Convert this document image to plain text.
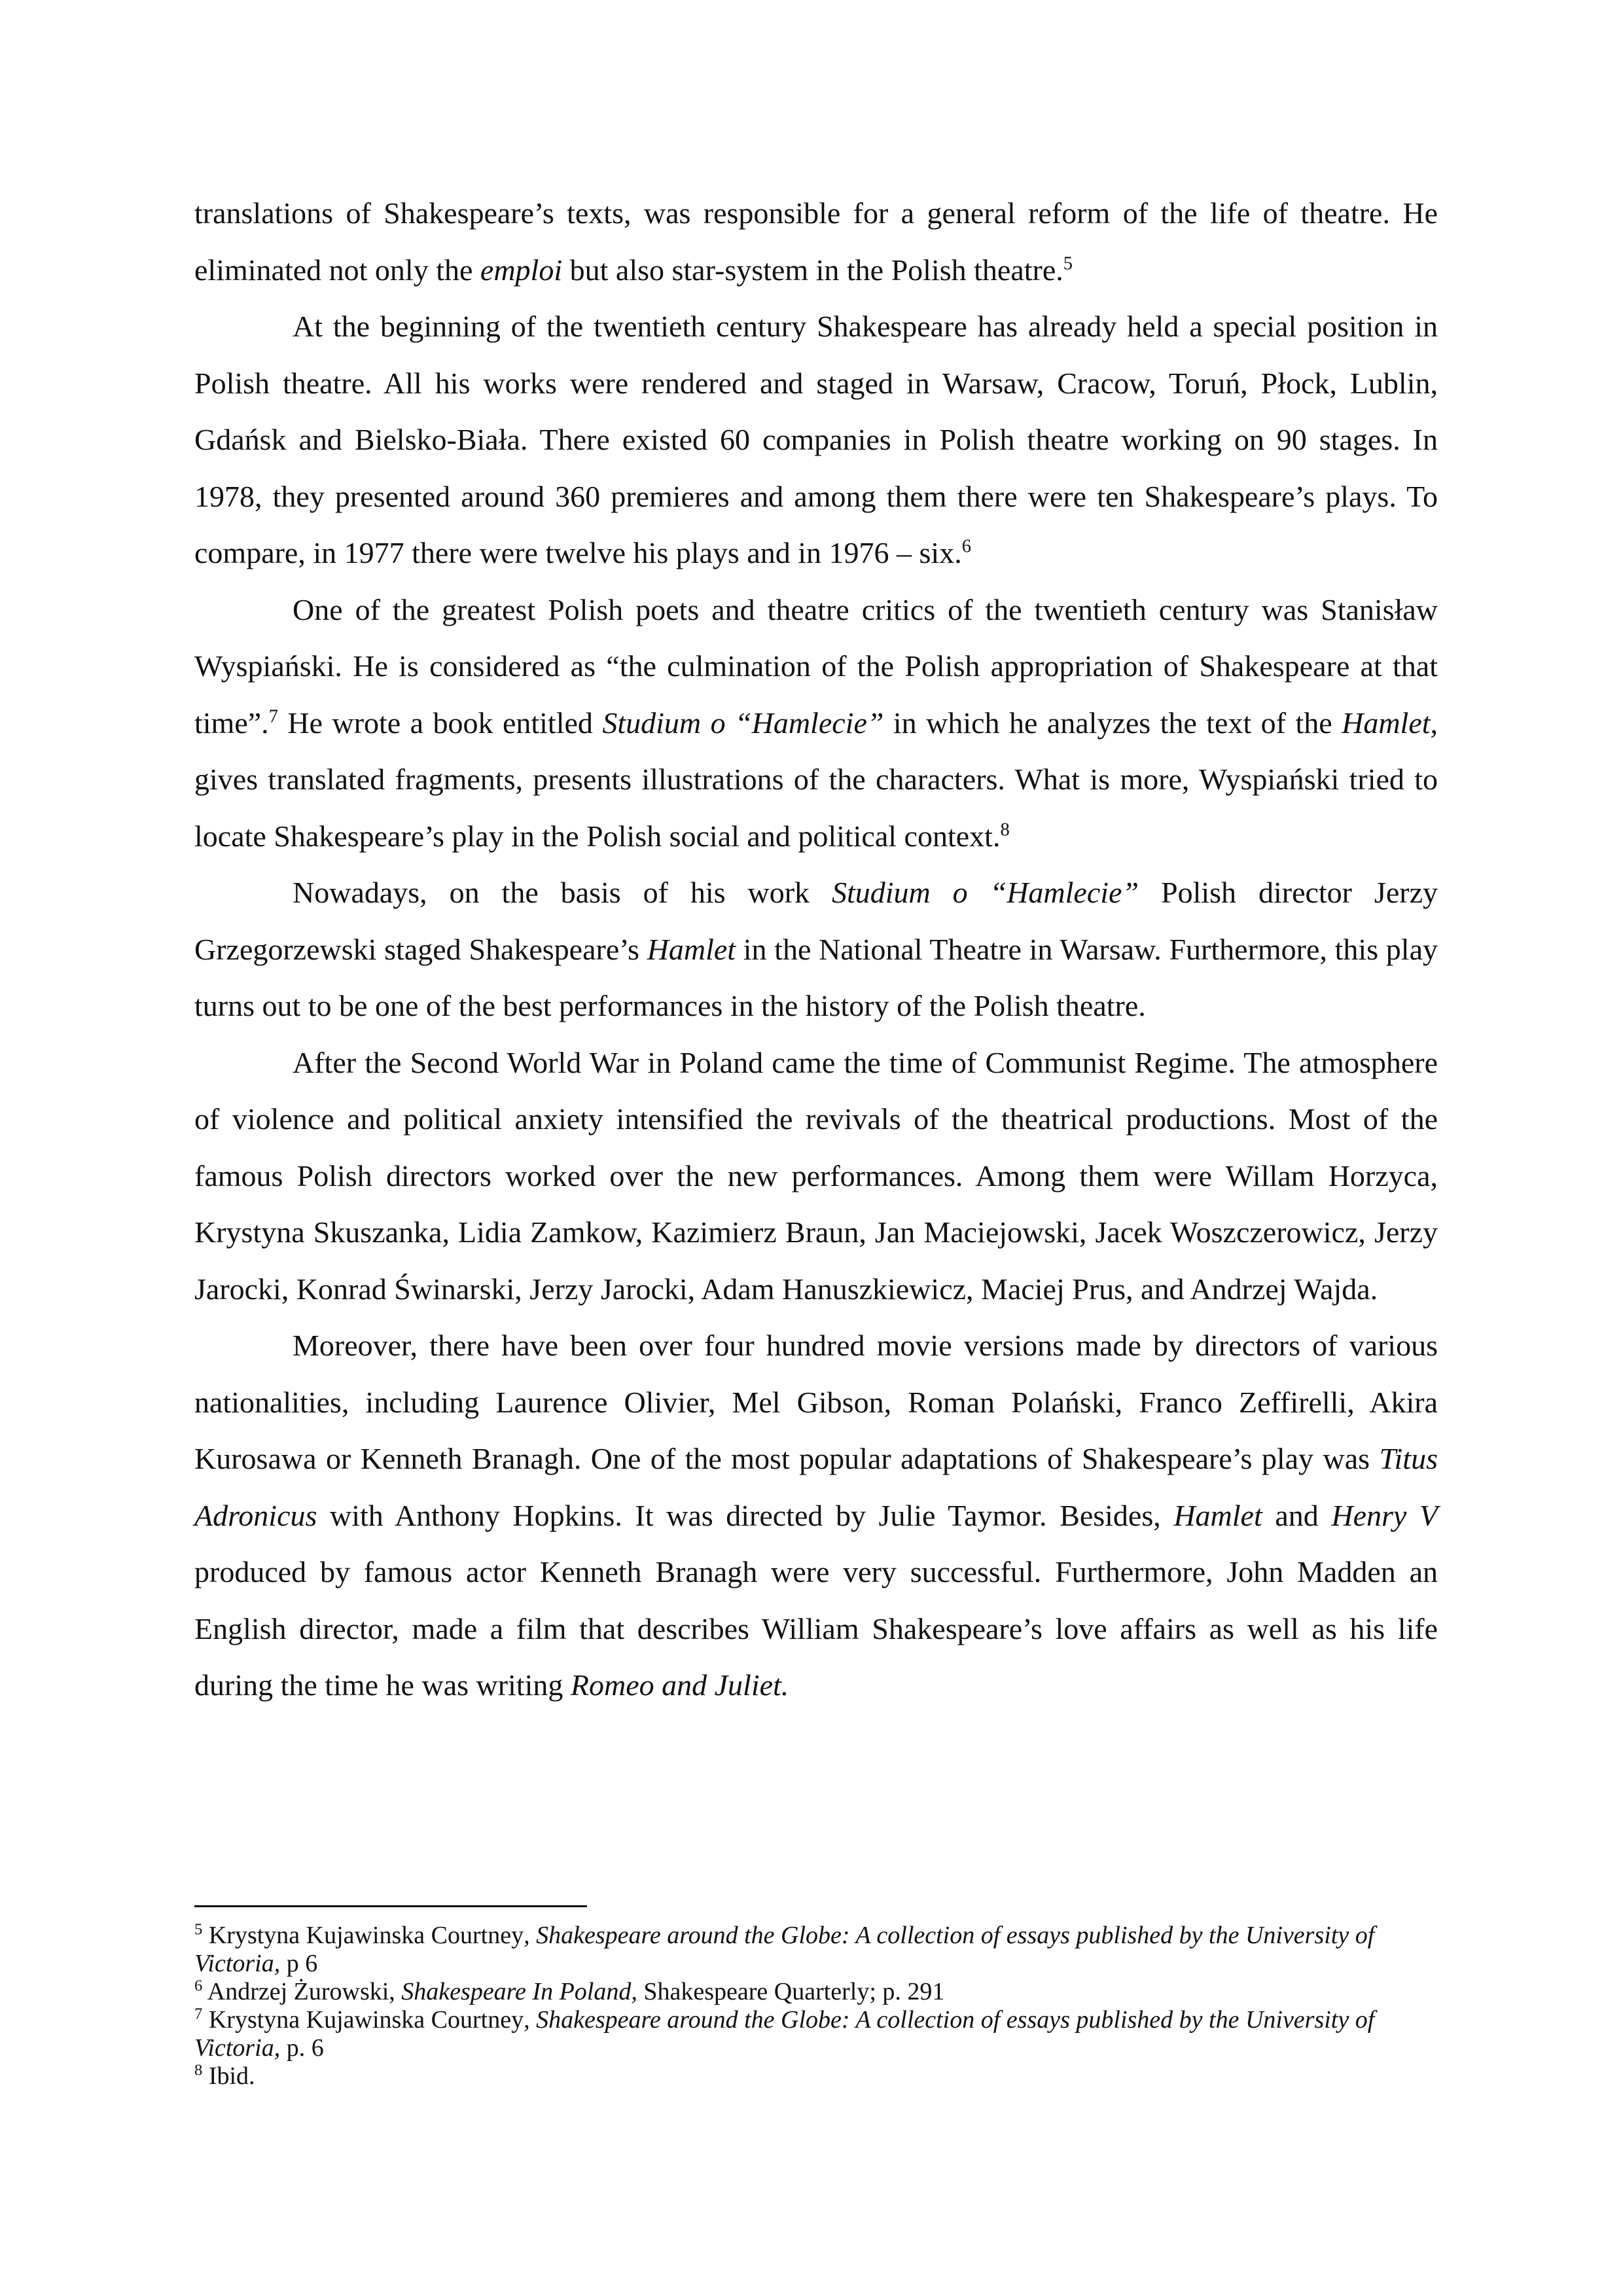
translations of Shakespeare’s texts, was responsible for a general reform of the life of theatre. He eliminated not only the emploi but also star-system in the Polish theatre.$^5$

At the beginning of the twentieth century Shakespeare has already held a special position in Polish theatre. All his works were rendered and staged in Warsaw, Cracow, Toruń, Płock, Lublin, Gdańsk and Bielsko-Biała. There existed 60 companies in Polish theatre working on 90 stages. In 1978, they presented around 360 premieres and among them there were ten Shakespeare’s plays. To compare, in 1977 there were twelve his plays and in 1976 – six.$^6$

One of the greatest Polish poets and theatre critics of the twentieth century was Stanisław Wyspiański. He is considered as “the culmination of the Polish appropriation of Shakespeare at that time”.$^7$ He wrote a book entitled Studium o “Hamlecie” in which he analyzes the text of the Hamlet, gives translated fragments, presents illustrations of the characters. What is more, Wyspiański tried to locate Shakespeare’s play in the Polish social and political context.$^8$

Nowadays, on the basis of his work Studium o “Hamlecie” Polish director Jerzy Grzegorzewski staged Shakespeare’s Hamlet in the National Theatre in Warsaw. Furthermore, this play turns out to be one of the best performances in the history of the Polish theatre.

After the Second World War in Poland came the time of Communist Regime. The atmosphere of violence and political anxiety intensified the revivals of the theatrical productions. Most of the famous Polish directors worked over the new performances. Among them were Willam Horzyca, Krystyna Skuszanka, Lidia Zamkow, Kazimierz Braun, Jan Maciejowski, Jacek Woszczerowicz, Jerzy Jarocki, Konrad Świnarski, Jerzy Jarocki, Adam Hanuszkiewicz, Maciej Prus, and Andrzej Wajda.

Moreover, there have been over four hundred movie versions made by directors of various nationalities, including Laurence Olivier, Mel Gibson, Roman Polański, Franco Zeffirelli, Akira Kurosawa or Kenneth Branagh. One of the most popular adaptations of Shakespeare’s play was Titus Adronicus with Anthony Hopkins. It was directed by Julie Taymor. Besides, Hamlet and Henry V produced by famous actor Kenneth Branagh were very successful. Furthermore, John Madden an English director, made a film that describes William Shakespeare’s love affairs as well as his life during the time he was writing Romeo and Juliet.

$^5$ Krystyna Kujawinska Courtney, Shakespeare around the Globe: A collection of essays published by the University of Victoria, p 6

$^6$ Andrzej Żurowski, Shakespeare In Poland, Shakespeare Quarterly; p. 291

$^7$ Krystyna Kujawinska Courtney, Shakespeare around the Globe: A collection of essays published by the University of Victoria, p. 6

$^8$ Ibid.
